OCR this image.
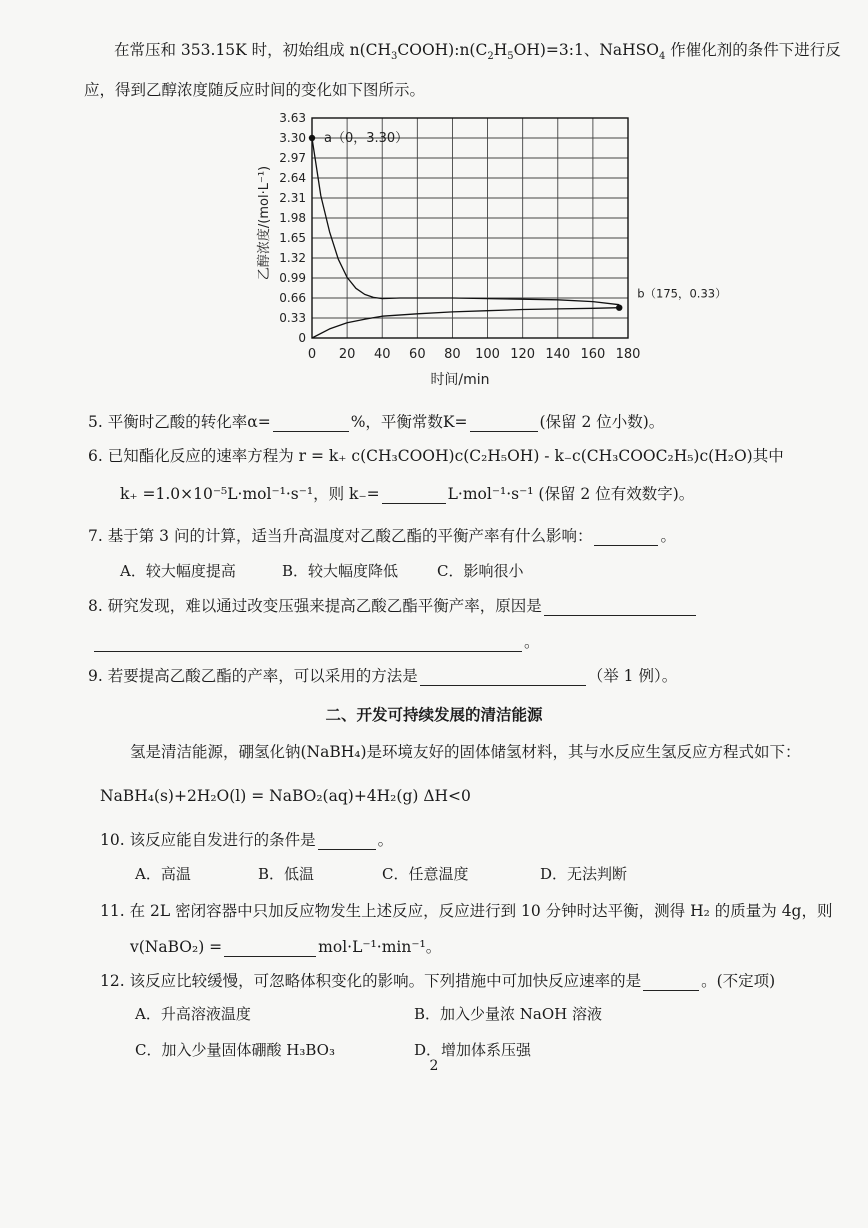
在常压和 353.15K 时，初始组成 $n(CH_3COOH):n(C_2H_5OH)=3:1$、NaHSO$_4$ 作催化剂的条件下进行反
应，得到乙醇浓度随反应时间的变化如下图所示。
0
0.33
0.66
0.99
1.32
1.65
1.98
2.31
2.64
2.97
3.30
3.63
0 20 40 60 80 100 120 140 160 180
a（0，3.30）
b（175，0.33）
时间/min
乙醇浓度/(mol·L⁻¹)
5. 平衡时乙酸的转化率α=	%，平衡常数K=	(保留 2 位小数)。
6. 已知酯化反应的速率方程为 r = k₊ c(CH₃COOH)c(C₂H₅OH) - k₋c(CH₃COOC₂H₅)c(H₂O)其中
k₊ =1.0×10⁻⁵L·mol⁻¹·s⁻¹，则 k₋=	L·mol⁻¹·s⁻¹ (保留 2 位有效数字)。
7. 基于第 3 问的计算，适当升高温度对乙酸乙酯的平衡产率有什么影响：	。
A．较大幅度提高	B．较大幅度降低	C．影响很小
8. 研究发现，难以通过改变压强来提高乙酸乙酯平衡产率，原因是
。
9. 若要提高乙酸乙酯的产率，可以采用的方法是	（举 1 例）。
二、开发可持续发展的清洁能源
氢是清洁能源，硼氢化钠(NaBH₄)是环境友好的固体储氢材料，其与水反应生氢反应方程式如下：
NaBH₄(s)+2H₂O(l) = NaBO₂(aq)+4H₂(g) ΔH<0
10. 该反应能自发进行的条件是	。
A．高温	B．低温	C．任意温度	D．无法判断
11. 在 2L 密闭容器中只加反应物发生上述反应，反应进行到 10 分钟时达平衡，测得 H₂ 的质量为 4g，则
v(NaBO₂) =	mol·L⁻¹·min⁻¹。
12. 该反应比较缓慢，可忽略体积变化的影响。下列措施中可加快反应速率的是	。(不定项)
A．升高溶液温度	B．加入少量浓 NaOH 溶液
C．加入少量固体硼酸 H₃BO₃	D．增加体系压强
2
